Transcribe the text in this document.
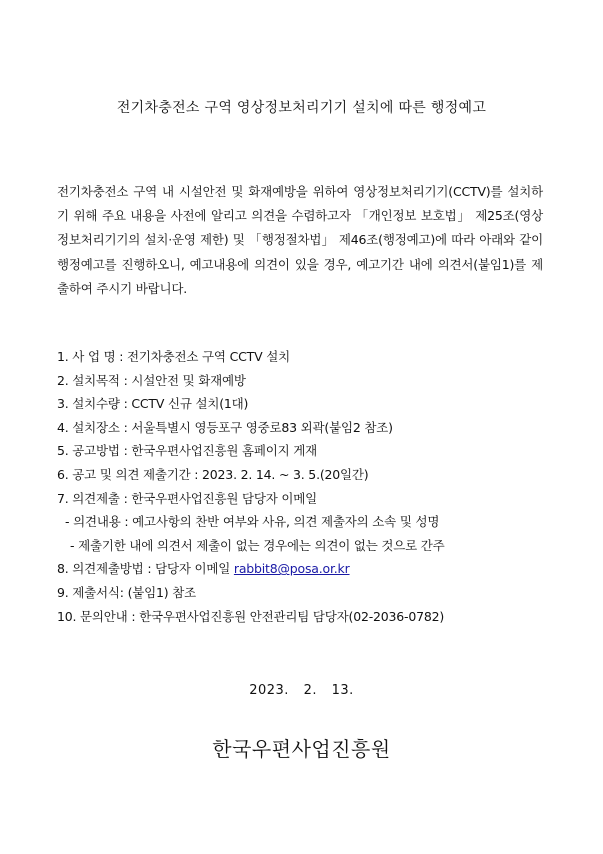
전기차충전소 구역 영상정보처리기기 설치에 따른 행정예고
전기차충전소 구역 내 시설안전 및 화재예방을 위하여 영상정보처리기기(CCTV)를 설치하기 위해 주요 내용을 사전에 알리고 의견을 수렴하고자 「개인정보 보호법」 제25조(영상정보처리기기의 설치·운영 제한) 및 「행정절차법」 제46조(행정예고)에 따라 아래와 같이 행정예고를 진행하오니, 예고내용에 의견이 있을 경우, 예고기간 내에 의견서(붙임1)를 제출하여 주시기 바랍니다.
1. 사 업 명 : 전기차충전소 구역 CCTV 설치
2. 설치목적 : 시설안전 및 화재예방
3. 설치수량 : CCTV 신규 설치(1대)
4. 설치장소 : 서울특별시 영등포구 영중로83 외곽(붙임2 참조)
5. 공고방법 : 한국우편사업진흥원 홈페이지 게재
6. 공고 및 의견 제출기간 : 2023. 2. 14. ~ 3. 5.(20일간)
7. 의견제출 : 한국우편사업진흥원 담당자 이메일
- 의견내용 : 예고사항의 찬반 여부와 사유, 의견 제출자의 소속 및 성명
- 제출기한 내에 의견서 제출이 없는 경우에는 의견이 없는 것으로 간주
8. 의견제출방법 : 담당자 이메일 rabbit8@posa.or.kr
9. 제출서식: (붙임1) 참조
10. 문의안내 : 한국우편사업진흥원 안전관리팀 담당자(02-2036-0782)
2023. 2. 13.
한국우편사업진흥원
